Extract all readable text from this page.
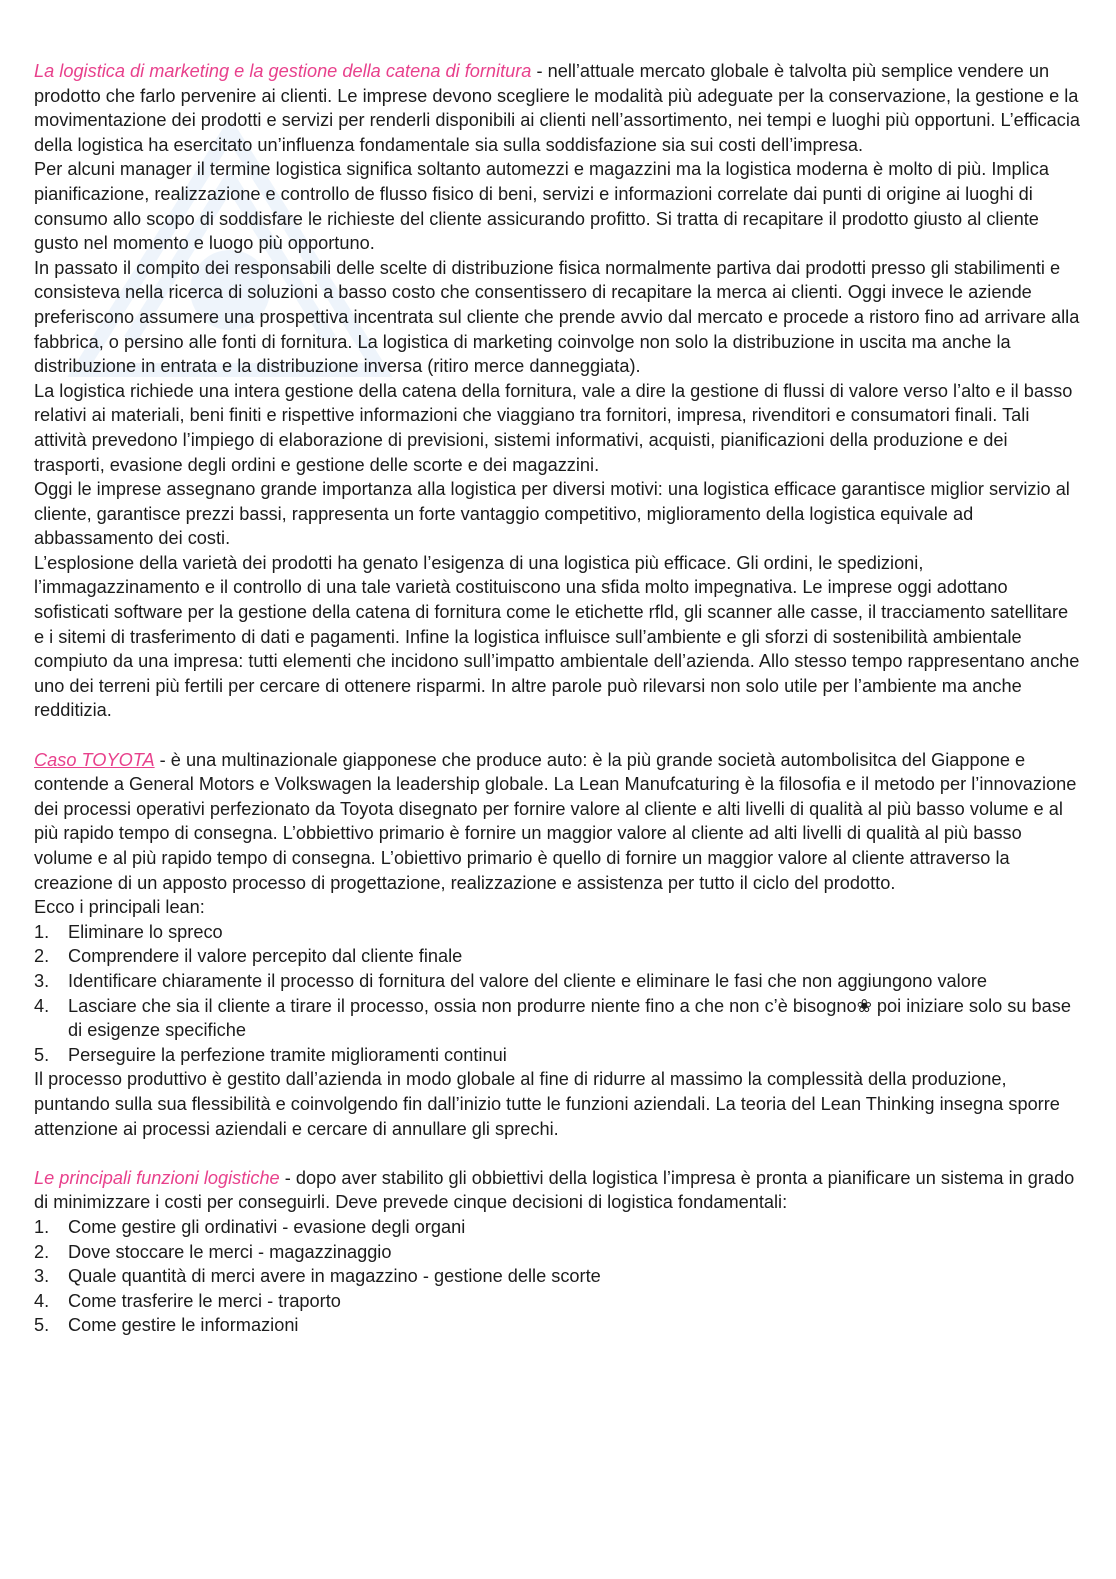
La logistica di marketing e la gestione della catena di fornitura - nell’attuale mercato globale è talvolta più semplice vendere un prodotto che farlo pervenire ai clienti. Le imprese devono scegliere le modalità più adeguate per la conservazione, la gestione e la movimentazione dei prodotti e servizi per renderli disponibili ai clienti nell’assortimento, nei tempi e luoghi più opportuni. L’efficacia della logistica ha esercitato un’influenza fondamentale sia sulla soddisfazione sia sui costi dell’impresa.

Per alcuni manager il termine logistica significa soltanto automezzi e magazzini ma la logistica moderna è molto di più. Implica pianificazione, realizzazione e controllo de flusso fisico di beni, servizi e informazioni correlate dai punti di origine ai luoghi di consumo allo scopo di soddisfare le richieste del cliente assicurando profitto. Si tratta di recapitare il prodotto giusto al cliente gusto nel momento e luogo più opportuno.

In passato il compito dei responsabili delle scelte di distribuzione fisica normalmente partiva dai prodotti presso gli stabilimenti e consisteva nella ricerca di soluzioni a basso costo che consentissero di recapitare la merca ai clienti. Oggi invece le aziende preferiscono assumere una prospettiva incentrata sul cliente che prende avvio dal mercato e procede a ristoro fino ad arrivare alla fabbrica, o persino alle fonti di fornitura. La logistica di marketing coinvolge non solo la distribuzione in uscita ma anche la distribuzione in entrata e la distribuzione inversa (ritiro merce danneggiata).

La logistica richiede una intera gestione della catena della fornitura, vale a dire la gestione di flussi di valore verso l’alto e il basso relativi ai materiali, beni finiti e rispettive informazioni che viaggiano tra fornitori, impresa, rivenditori e consumatori finali. Tali attività prevedono l’impiego di elaborazione di previsioni, sistemi informativi, acquisti, pianificazioni della produzione e dei trasporti, evasione degli ordini e gestione delle scorte e dei magazzini.

Oggi le imprese assegnano grande importanza alla logistica per diversi motivi: una logistica efficace garantisce miglior servizio al cliente, garantisce prezzi bassi, rappresenta un forte vantaggio competitivo, miglioramento della logistica equivale ad abbassamento dei costi.

L’esplosione della varietà dei prodotti ha genato l’esigenza di una logistica più efficace. Gli ordini, le spedizioni, l’immagazzinamento e il controllo di una tale varietà costituiscono una sfida molto impegnativa. Le imprese oggi adottano sofisticati software per la gestione della catena di fornitura come le etichette rfld, gli scanner alle casse, il tracciamento satellitare e i sitemi di trasferimento di dati e pagamenti. Infine la logistica influisce sull’ambiente e gli sforzi di sostenibilità ambientale compiuto da una impresa: tutti elementi che incidono sull’impatto ambientale dell’azienda. Allo stesso tempo rappresentano anche uno dei terreni più fertili per cercare di ottenere risparmi. In altre parole può rilevarsi non solo utile per l’ambiente ma anche redditizia.

Caso TOYOTA - è una multinazionale giapponese che produce auto: è la più grande società autombolisitca del Giappone e contende a General Motors e Volkswagen la leadership globale. La Lean Manufcaturing è la filosofia e il metodo per l’innovazione dei processi operativi perfezionato da Toyota disegnato per fornire valore al cliente e alti livelli di qualità al più basso volume e al più rapido tempo di consegna. L’obbiettivo primario è fornire un maggior valore al cliente ad alti livelli di qualità al più basso volume e al più rapido tempo di consegna. L’obiettivo primario è quello di fornire un maggior valore al cliente attraverso la creazione di un apposto processo di progettazione, realizzazione e assistenza per tutto il ciclo del prodotto.

Ecco i principali lean:

1. Eliminare lo spreco
2. Comprendere il valore percepito dal cliente finale
3. Identificare chiaramente il processo di fornitura del valore del cliente e eliminare le fasi che non aggiungono valore
4. Lasciare che sia il cliente a tirare il processo, ossia non produrre niente fino a che non c’è bisogno❀ poi iniziare solo su base di esigenze specifiche
5. Perseguire la perfezione tramite miglioramenti continui

Il processo produttivo è gestito dall’azienda in modo globale al fine di ridurre al massimo la complessità della produzione, puntando sulla sua flessibilità e coinvolgendo fin dall’inizio tutte le funzioni aziendali. La teoria del Lean Thinking insegna sporre attenzione ai processi aziendali e cercare di annullare gli sprechi.

Le principali funzioni logistiche - dopo aver stabilito gli obbiettivi della logistica l’impresa è pronta a pianificare un sistema in grado di minimizzare i costi per conseguirli. Deve prevede cinque decisioni di logistica fondamentali:

1. Come gestire gli ordinativi - evasione degli organi
2. Dove stoccare le merci - magazzinaggio
3. Quale quantità di merci avere in magazzino - gestione delle scorte
4. Come trasferire le merci - traporto
5. Come gestire le informazioni
